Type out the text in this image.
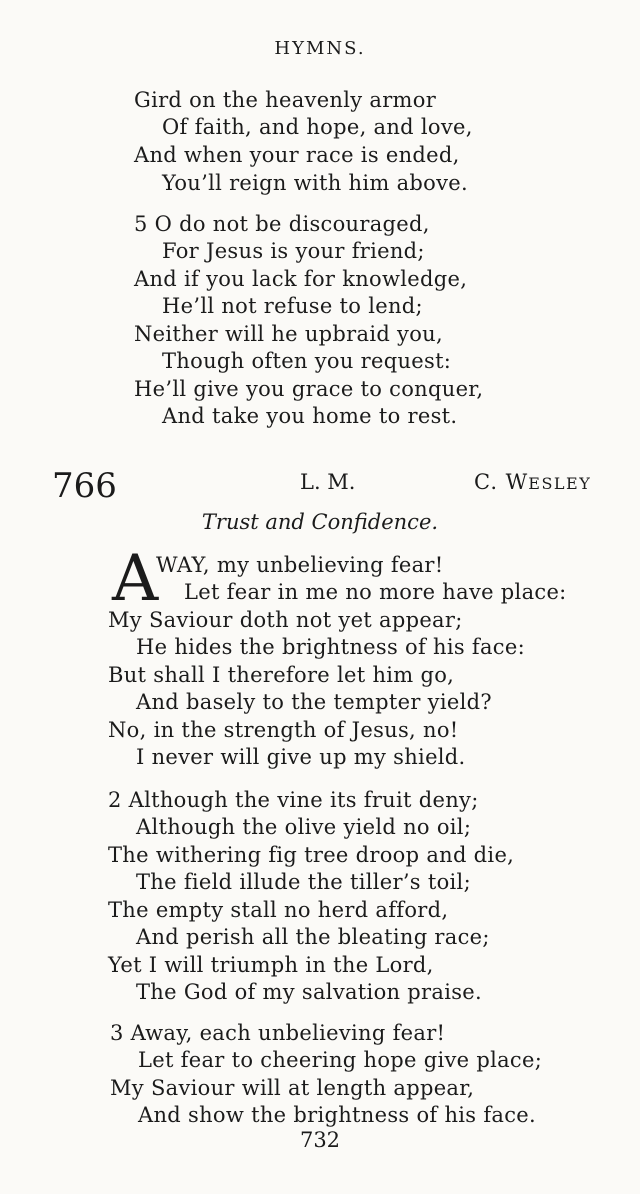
HYMNS.
Gird on the heavenly armor
Of faith, and hope, and love,
And when your race is ended,
You’ll reign with him above.
5 O do not be discouraged,
For Jesus is your friend;
And if you lack for knowledge,
He’ll not refuse to lend;
Neither will he upbraid you,
Though often you request:
He’ll give you grace to conquer,
And take you home to rest.
766	L. M.	C. WESLEY
Trust and Confidence.
A
WAY, my unbelieving fear!
Let fear in me no more have place:
My Saviour doth not yet appear;
He hides the brightness of his face:
But shall I therefore let him go,
And basely to the tempter yield?
No, in the strength of Jesus, no!
I never will give up my shield.
2 Although the vine its fruit deny;
Although the olive yield no oil;
The withering fig tree droop and die,
The field illude the tiller’s toil;
The empty stall no herd afford,
And perish all the bleating race;
Yet I will triumph in the Lord,
The God of my salvation praise.
3 Away, each unbelieving fear!
Let fear to cheering hope give place;
My Saviour will at length appear,
And show the brightness of his face.
732
